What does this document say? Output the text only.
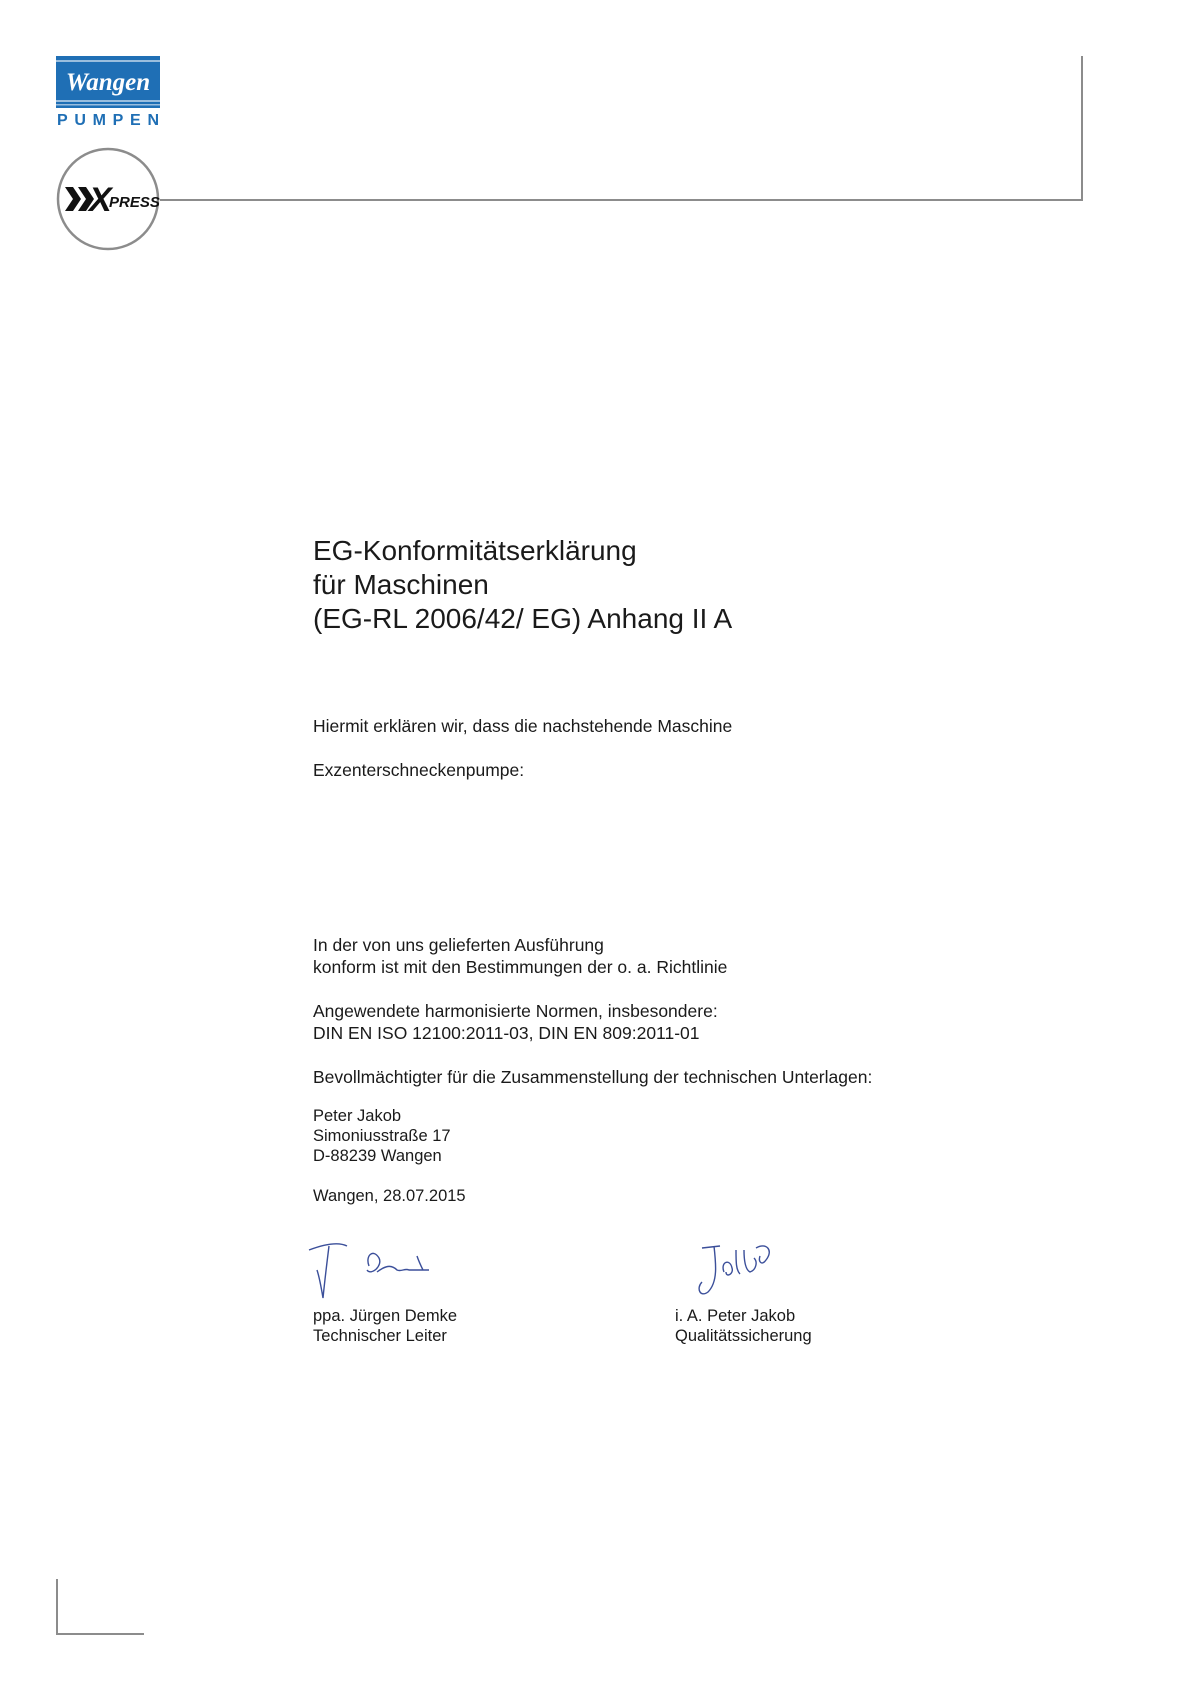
Wangen
PUMPEN
X
PRESS
EG-Konformitätserklärung
für Maschinen
(EG-RL 2006/42/ EG) Anhang II A
Hiermit erklären wir, dass die nachstehende Maschine
Exzenterschneckenpumpe:
In der von uns gelieferten Ausführung
konform ist mit den Bestimmungen der o. a. Richtlinie
Angewendete harmonisierte Normen, insbesondere:
DIN EN ISO 12100:2011-03, DIN EN 809:2011-01
Bevollmächtigter für die Zusammenstellung der technischen Unterlagen:
Peter Jakob
Simoniusstraße 17
D-88239 Wangen
Wangen, 28.07.2015
ppa. Jürgen Demke
Technischer Leiter
i. A. Peter Jakob
Qualitätssicherung
